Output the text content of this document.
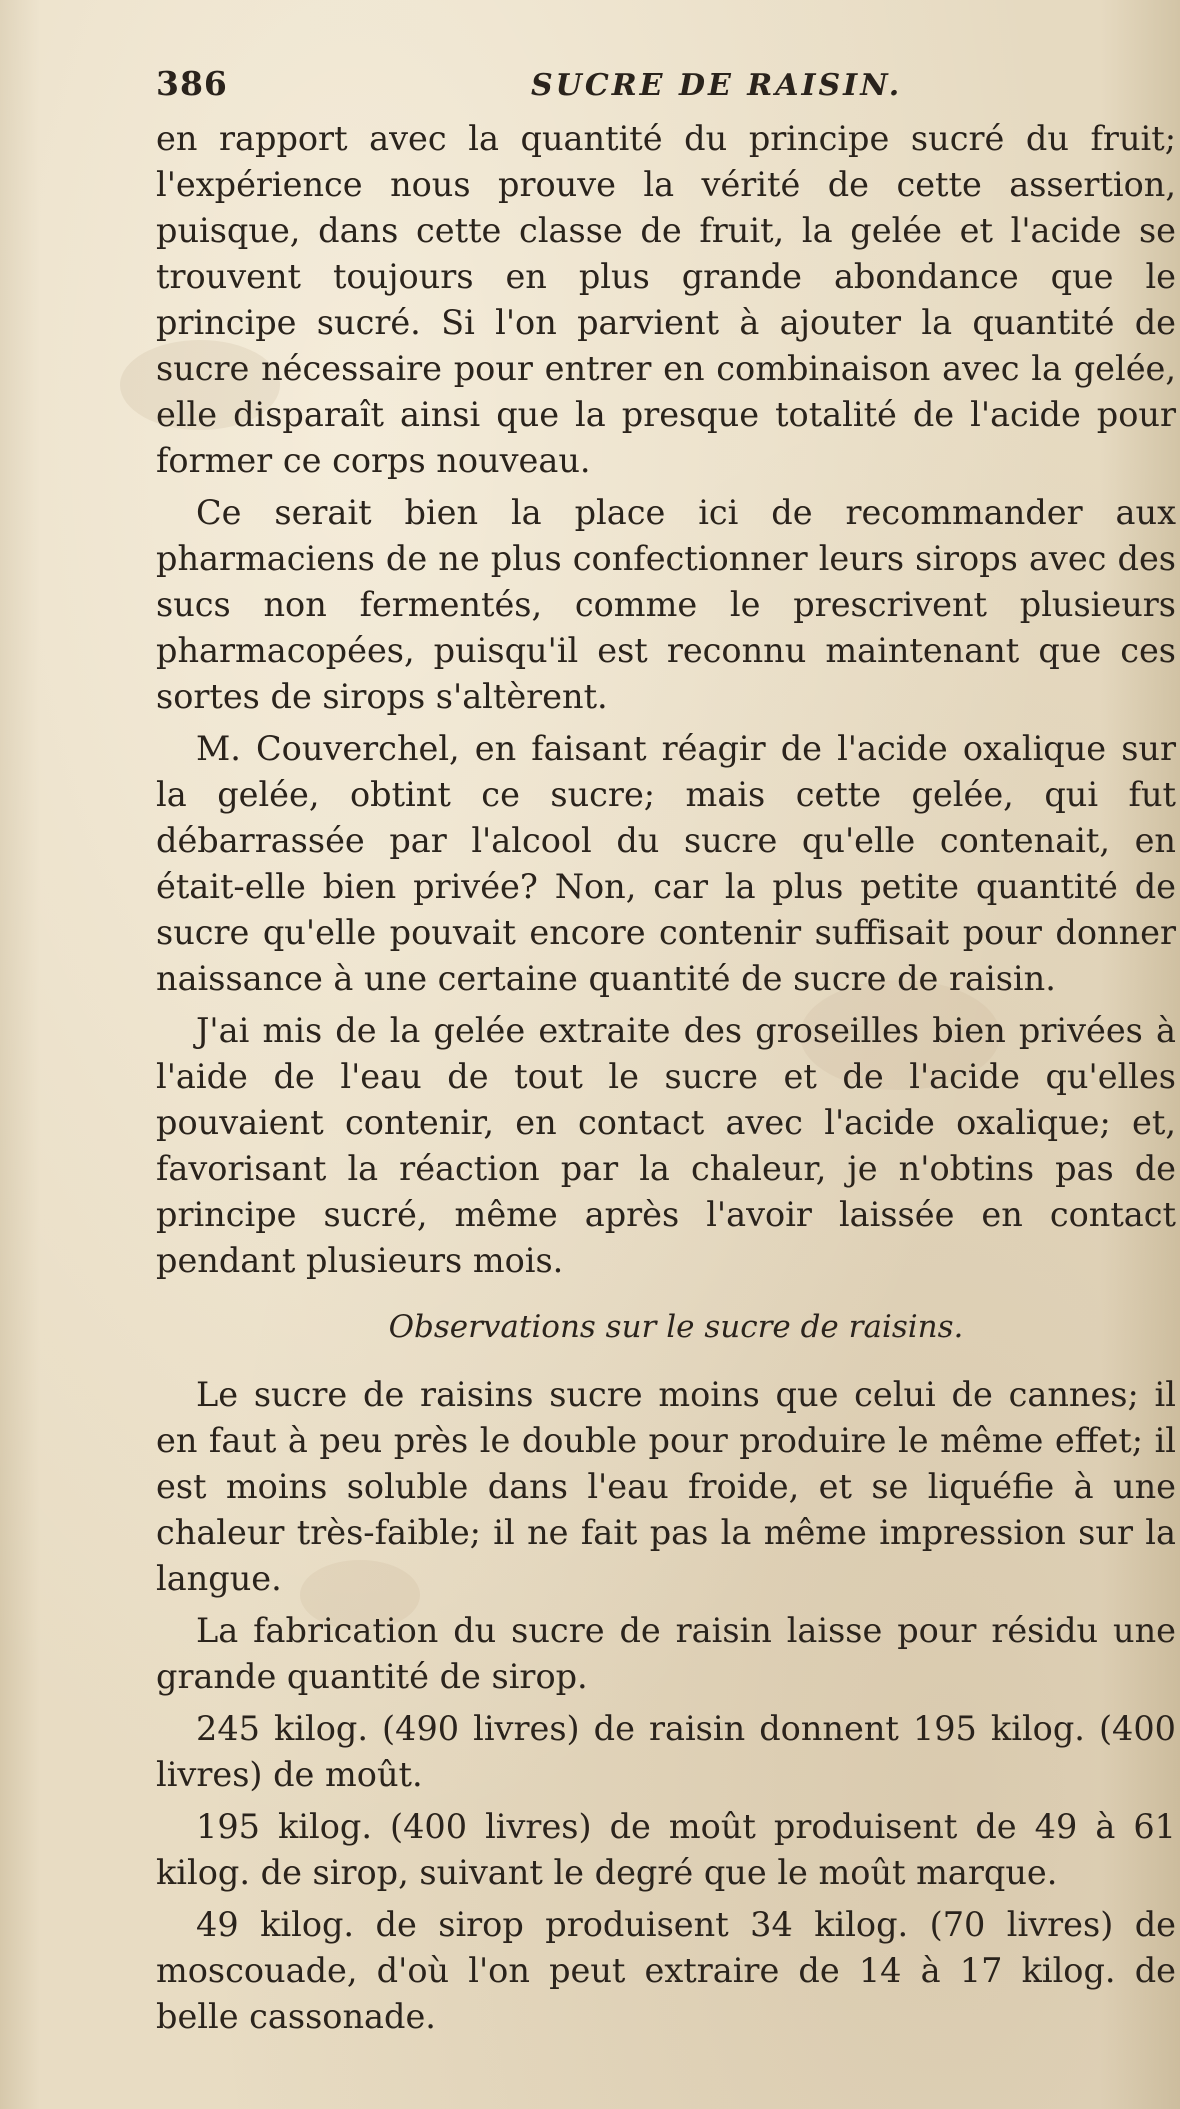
386	SUCRE DE RAISIN.

en rapport avec la quantité du principe sucré du fruit; l'expérience nous prouve la vérité de cette assertion, puisque, dans cette classe de fruit, la gelée et l'acide se trouvent toujours en plus grande abondance que le principe sucré. Si l'on parvient à ajouter la quantité de sucre nécessaire pour entrer en combinaison avec la gelée, elle disparaît ainsi que la presque totalité de l'acide pour former ce corps nouveau.

Ce serait bien la place ici de recommander aux pharmaciens de ne plus confectionner leurs sirops avec des sucs non fermentés, comme le prescrivent plusieurs pharmacopées, puisqu'il est reconnu maintenant que ces sortes de sirops s'altèrent.

M. Couverchel, en faisant réagir de l'acide oxalique sur la gelée, obtint ce sucre; mais cette gelée, qui fut débarrassée par l'alcool du sucre qu'elle contenait, en était-elle bien privée? Non, car la plus petite quantité de sucre qu'elle pouvait encore contenir suffisait pour donner naissance à une certaine quantité de sucre de raisin.

J'ai mis de la gelée extraite des groseilles bien privées à l'aide de l'eau de tout le sucre et de l'acide qu'elles pouvaient contenir, en contact avec l'acide oxalique; et, favorisant la réaction par la chaleur, je n'obtins pas de principe sucré, même après l'avoir laissée en contact pendant plusieurs mois.

Observations sur le sucre de raisins.

Le sucre de raisins sucre moins que celui de cannes; il en faut à peu près le double pour produire le même effet; il est moins soluble dans l'eau froide, et se liquéfie à une chaleur très-faible; il ne fait pas la même impression sur la langue.

La fabrication du sucre de raisin laisse pour résidu une grande quantité de sirop.

245 kilog. (490 livres) de raisin donnent 195 kilog. (400 livres) de moût.

195 kilog. (400 livres) de moût produisent de 49 à 61 kilog. de sirop, suivant le degré que le moût marque.

49 kilog. de sirop produisent 34 kilog. (70 livres) de moscouade, d'où l'on peut extraire de 14 à 17 kilog. de belle cassonade.
